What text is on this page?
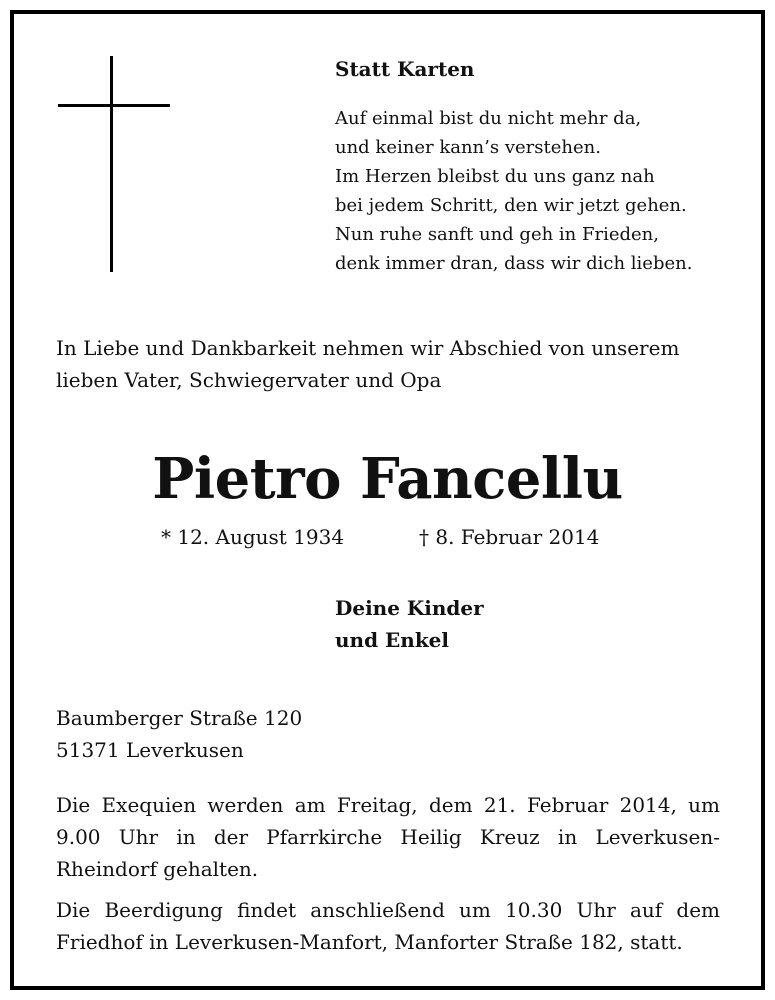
Statt Karten
Auf einmal bist du nicht mehr da,
und keiner kann’s verstehen.
Im Herzen bleibst du uns ganz nah
bei jedem Schritt, den wir jetzt gehen.
Nun ruhe sanft und geh in Frieden,
denk immer dran, dass wir dich lieben.
In Liebe und Dankbarkeit nehmen wir Abschied von unserem
lieben Vater, Schwiegervater und Opa
Pietro Fancellu
* 12. August 1934	† 8. Februar 2014
Deine Kinder
und Enkel
Baumberger Straße 120
51371 Leverkusen
Die Exequien werden am Freitag, dem 21. Februar 2014, um
9.00 Uhr in der Pfarrkirche Heilig Kreuz in Leverkusen-
Rheindorf gehalten.
Die Beerdigung findet anschließend um 10.30 Uhr auf dem
Friedhof in Leverkusen-Manfort, Manforter Straße 182, statt.
